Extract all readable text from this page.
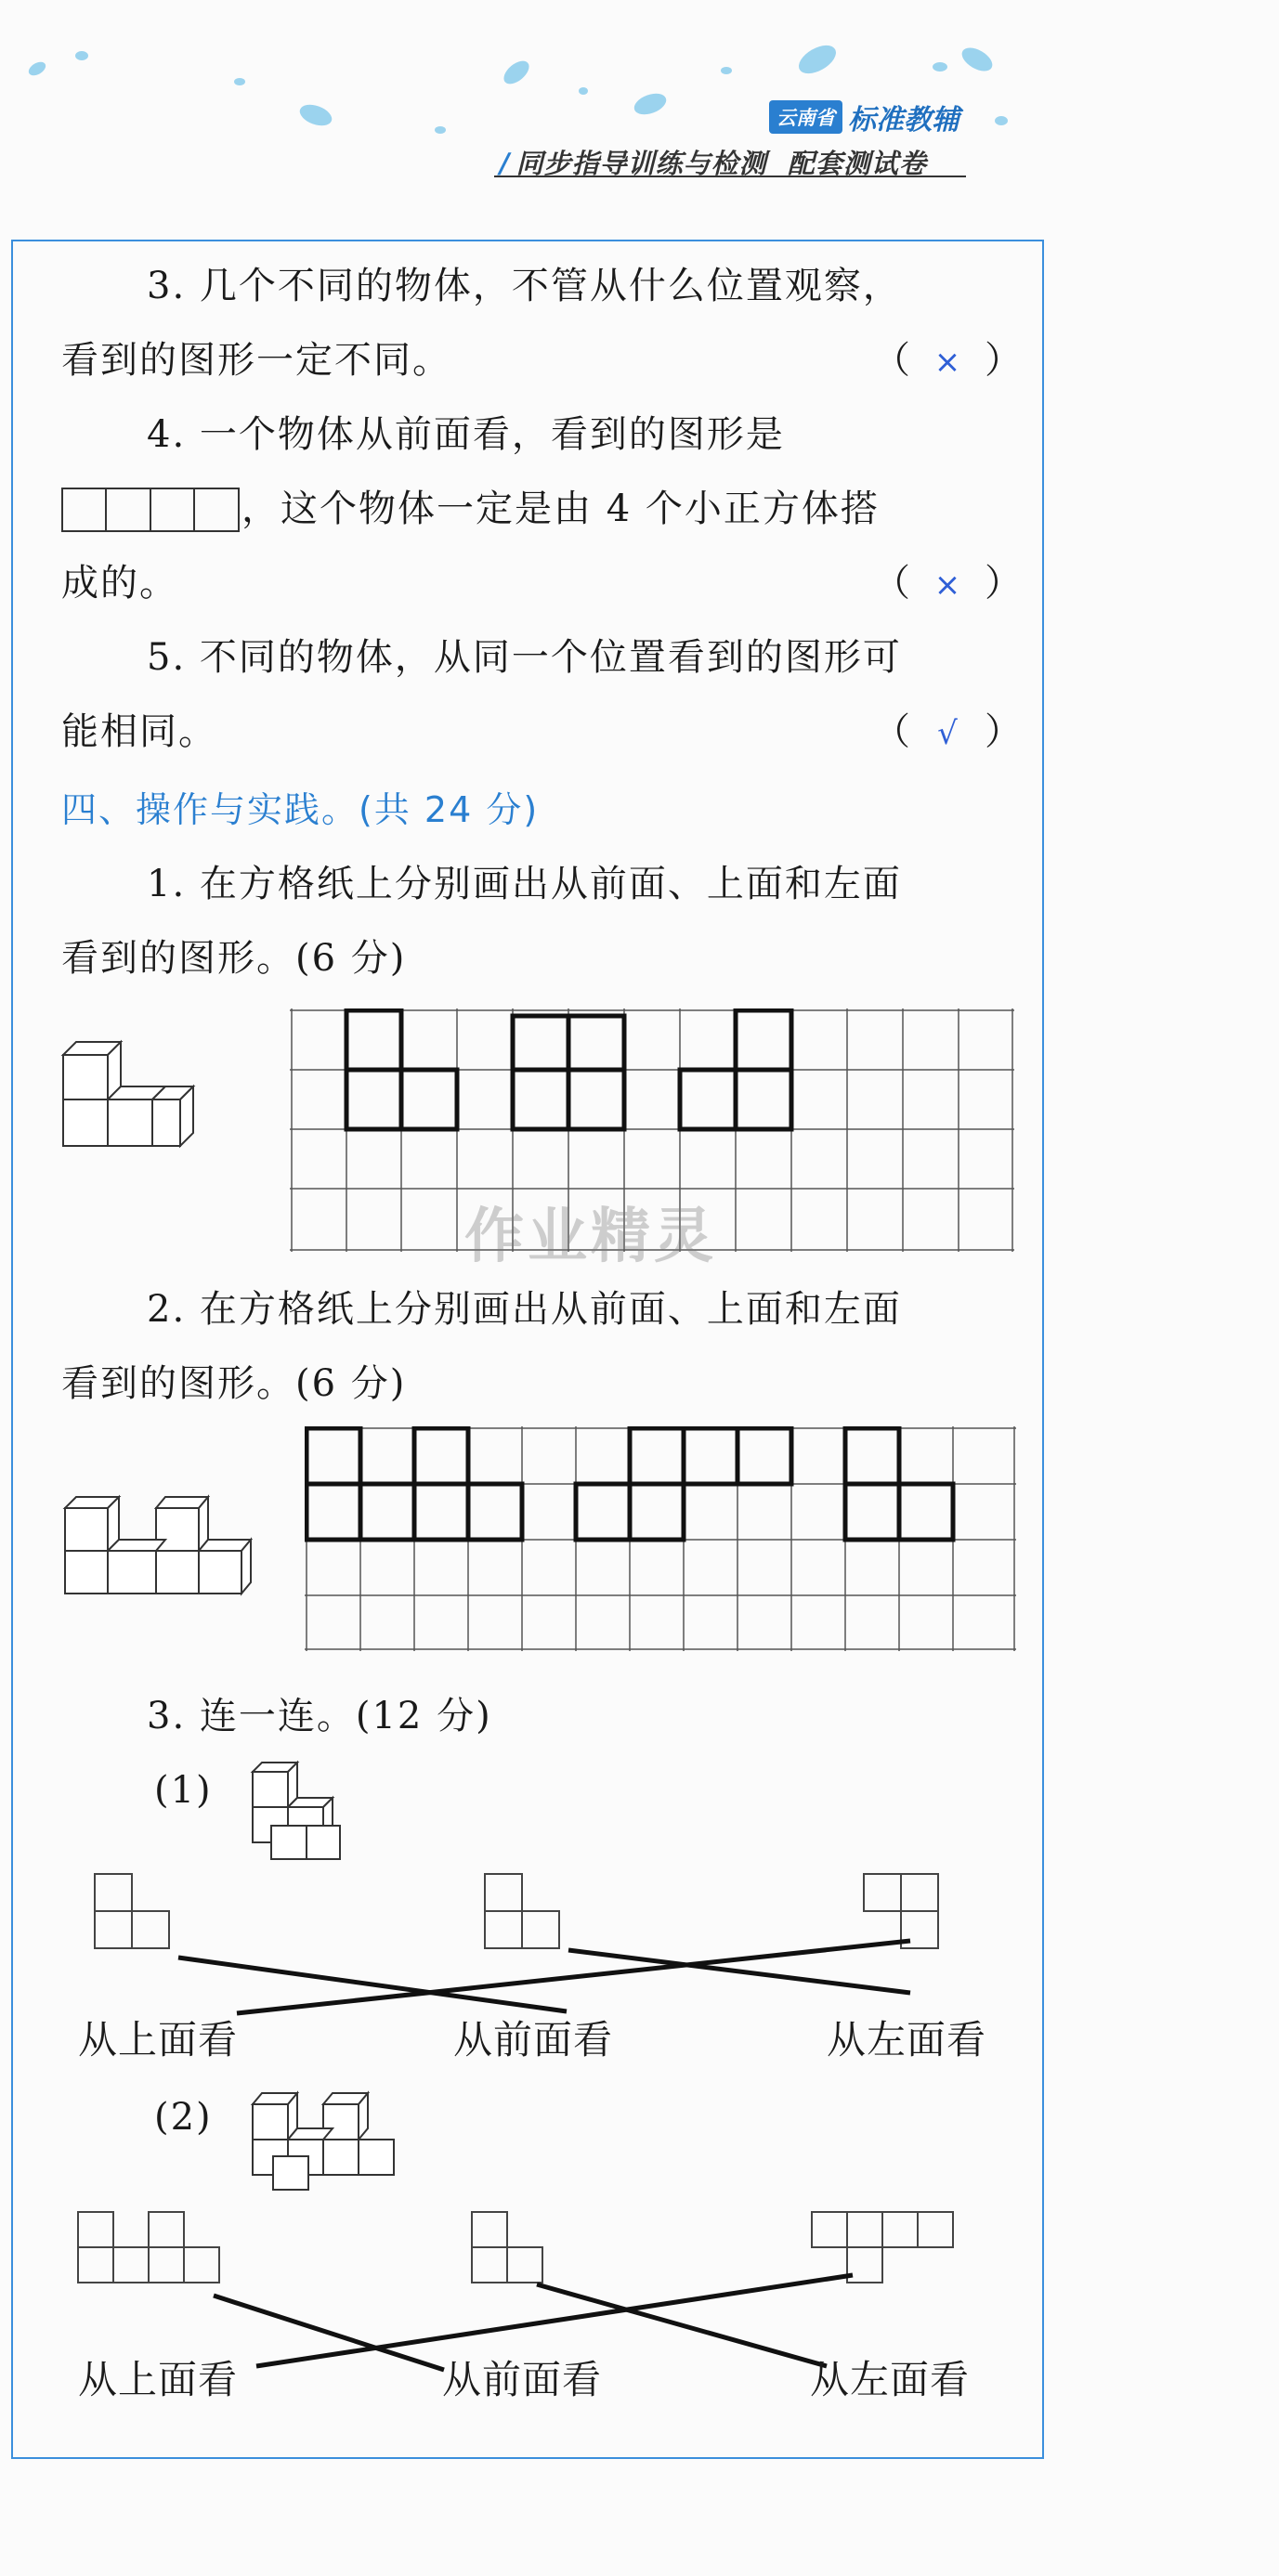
云南省 标准教辅
/ 同步指导训练与检测 配套测试卷
3. 几个不同的物体，不管从什么位置观察，
看到的图形一定不同。	（ × ）
4. 一个物体从前面看，看到的图形是
，这个物体一定是由 4 个小正方体搭
成的。	（ × ）
5. 不同的物体，从同一个位置看到的图形可
能相同。	（ √ ）
四、操作与实践。(共 24 分)
1. 在方格纸上分别画出从前面、上面和左面
看到的图形。(6 分)
作业精灵
2. 在方格纸上分别画出从前面、上面和左面
看到的图形。(6 分)
3. 连一连。(12 分)
(1)
从上面看	从前面看	从左面看
(2)
从上面看	从前面看	从左面看
